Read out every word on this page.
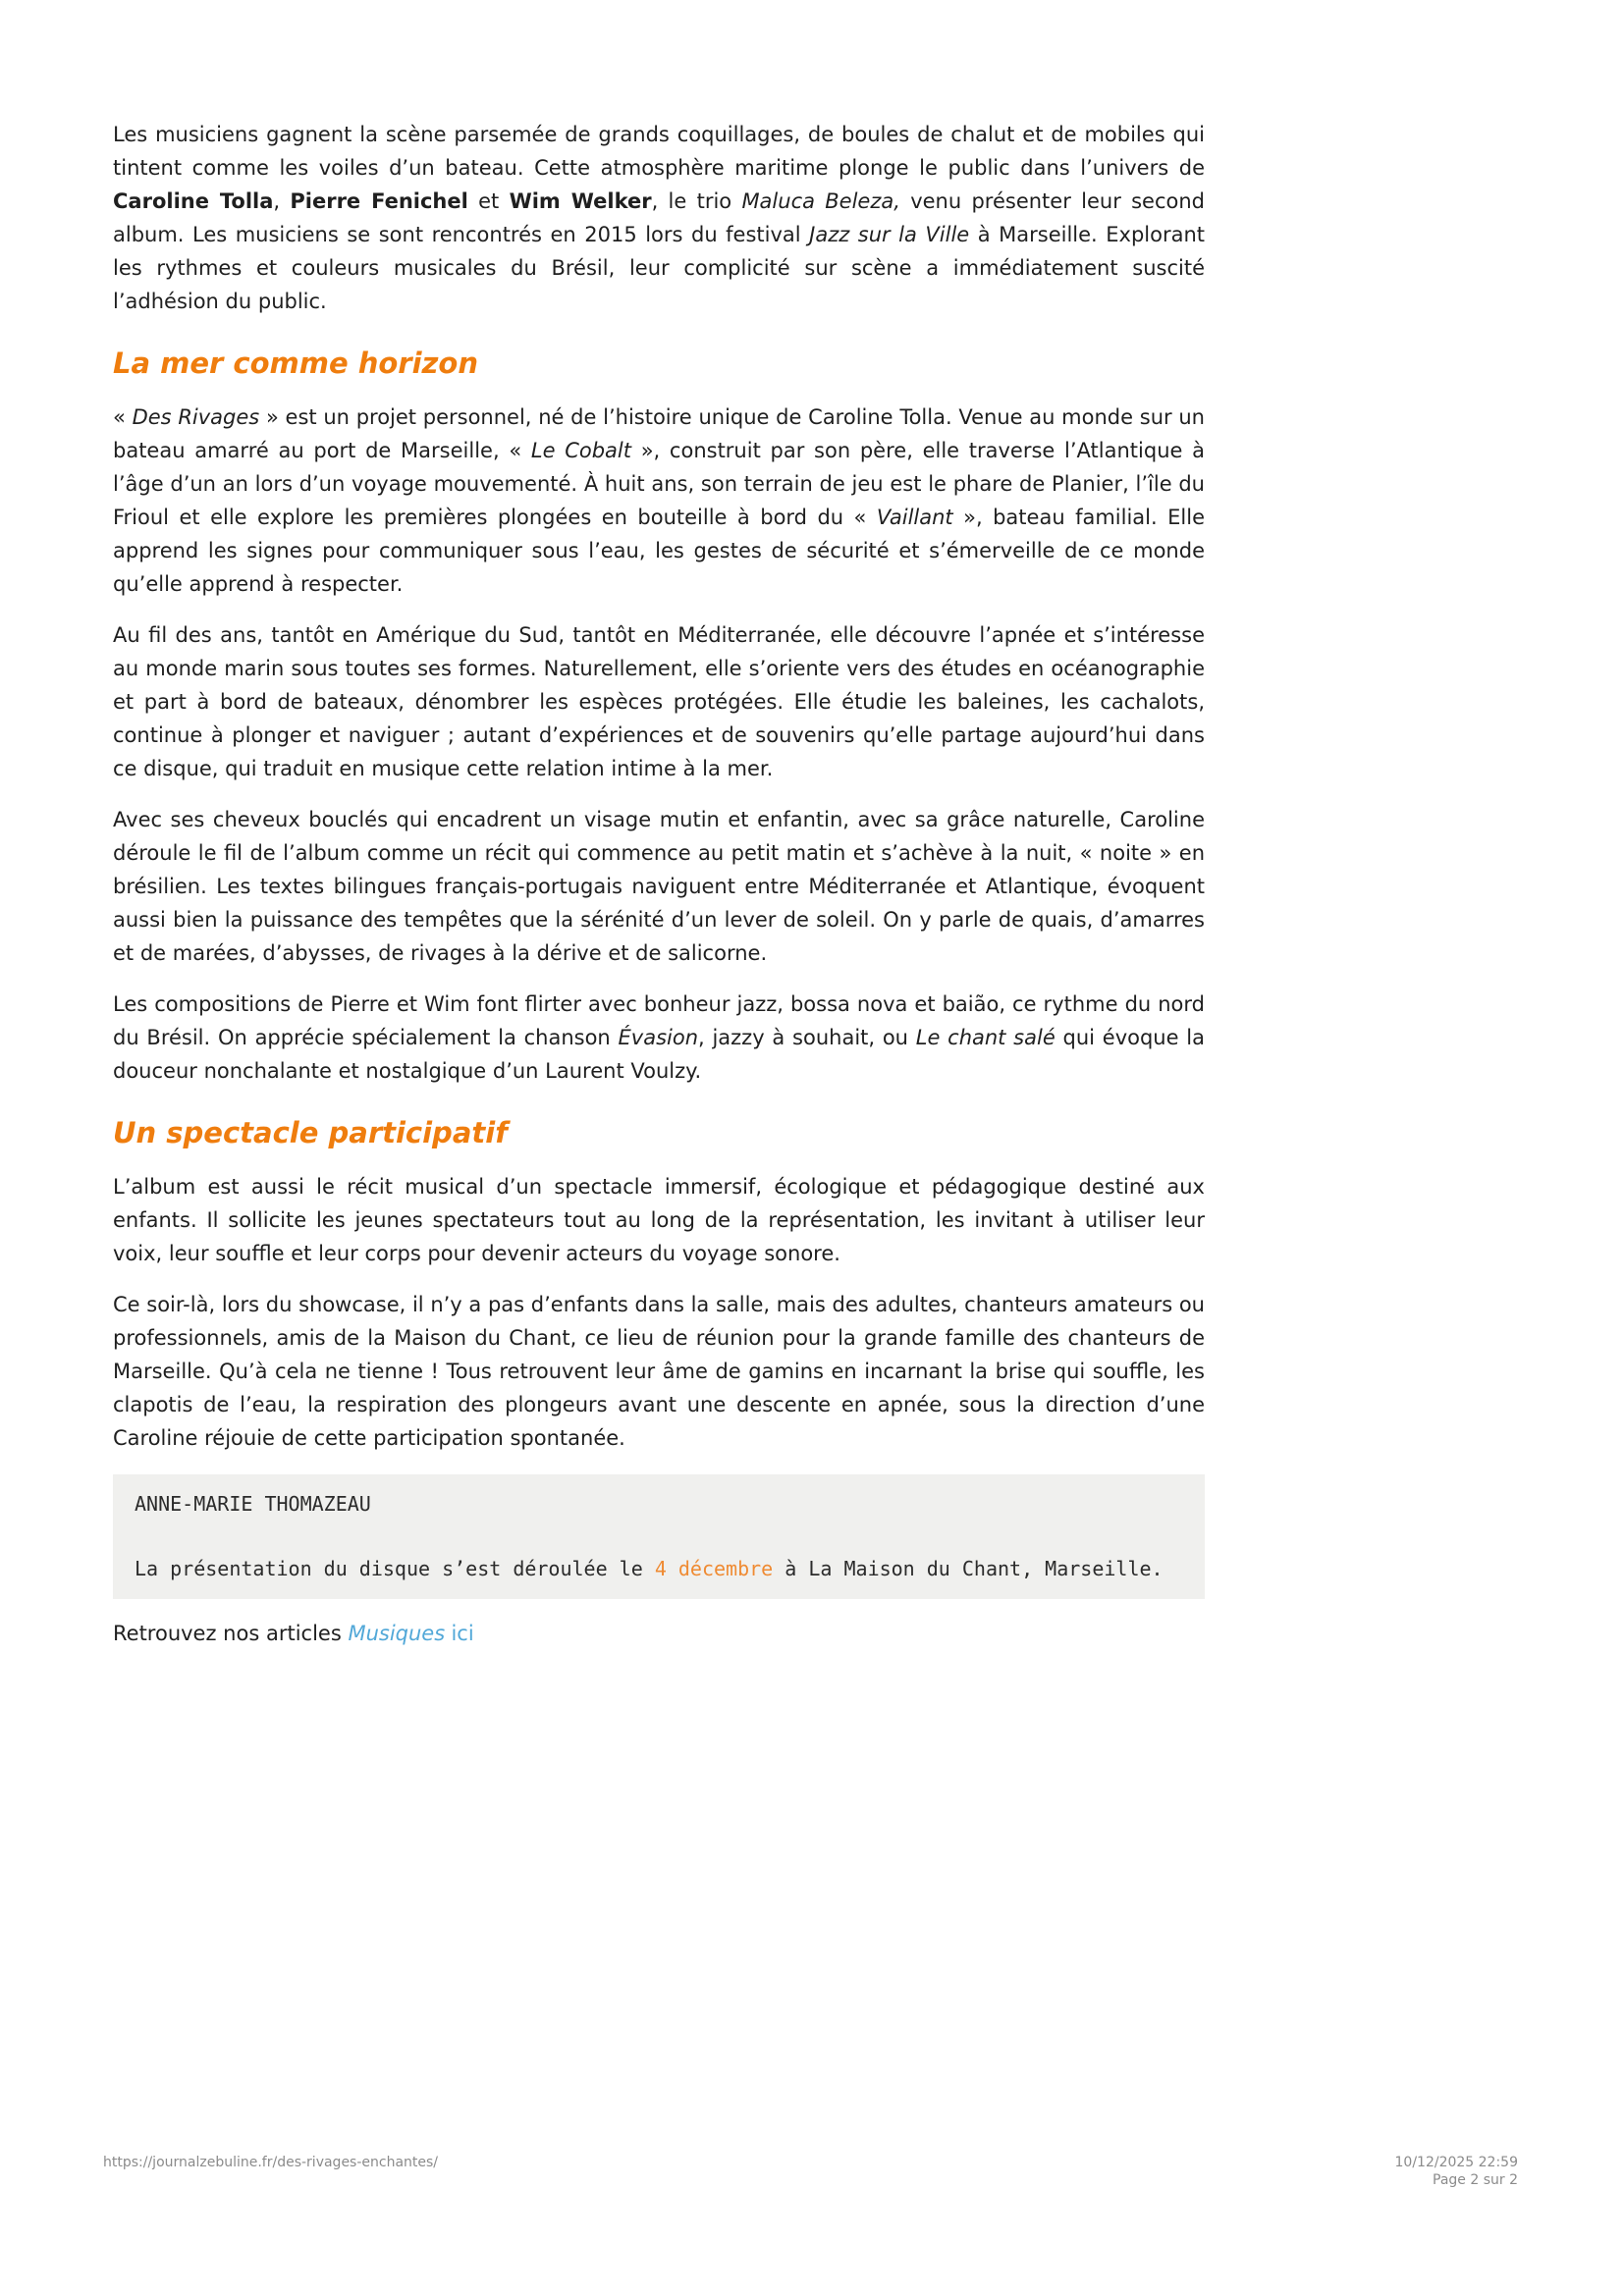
Les musiciens gagnent la scène parsemée de grands coquillages, de boules de chalut et de mobiles qui tintent comme les voiles d’un bateau. Cette atmosphère maritime plonge le public dans l’univers de Caroline Tolla, Pierre Fenichel et Wim Welker, le trio Maluca Beleza, venu présenter leur second album. Les musiciens se sont rencontrés en 2015 lors du festival Jazz sur la Ville à Marseille. Explorant les rythmes et couleurs musicales du Brésil, leur complicité sur scène a immédiatement suscité l’adhésion du public.

La mer comme horizon

« Des Rivages » est un projet personnel, né de l’histoire unique de Caroline Tolla. Venue au monde sur un bateau amarré au port de Marseille, « Le Cobalt », construit par son père, elle traverse l’Atlantique à l’âge d’un an lors d’un voyage mouvementé. À huit ans, son terrain de jeu est le phare de Planier, l’île du Frioul et elle explore les premières plongées en bouteille à bord du « Vaillant », bateau familial. Elle apprend les signes pour communiquer sous l’eau, les gestes de sécurité et s’émerveille de ce monde qu’elle apprend à respecter.

Au fil des ans, tantôt en Amérique du Sud, tantôt en Méditerranée, elle découvre l’apnée et s’intéresse au monde marin sous toutes ses formes. Naturellement, elle s’oriente vers des études en océanographie et part à bord de bateaux, dénombrer les espèces protégées. Elle étudie les baleines, les cachalots, continue à plonger et naviguer ; autant d’expériences et de souvenirs qu’elle partage aujourd’hui dans ce disque, qui traduit en musique cette relation intime à la mer.

Avec ses cheveux bouclés qui encadrent un visage mutin et enfantin, avec sa grâce naturelle, Caroline déroule le fil de l’album comme un récit qui commence au petit matin et s’achève à la nuit, « noite » en brésilien. Les textes bilingues français-portugais naviguent entre Méditerranée et Atlantique, évoquent aussi bien la puissance des tempêtes que la sérénité d’un lever de soleil. On y parle de quais, d’amarres et de marées, d’abysses, de rivages à la dérive et de salicorne.

Les compositions de Pierre et Wim font flirter avec bonheur jazz, bossa nova et baião, ce rythme du nord du Brésil. On apprécie spécialement la chanson Évasion, jazzy à souhait, ou Le chant salé qui évoque la douceur nonchalante et nostalgique d’un Laurent Voulzy.

Un spectacle participatif

L’album est aussi le récit musical d’un spectacle immersif, écologique et pédagogique destiné aux enfants. Il sollicite les jeunes spectateurs tout au long de la représentation, les invitant à utiliser leur voix, leur souffle et leur corps pour devenir acteurs du voyage sonore.

Ce soir-là, lors du showcase, il n’y a pas d’enfants dans la salle, mais des adultes, chanteurs amateurs ou professionnels, amis de la Maison du Chant, ce lieu de réunion pour la grande famille des chanteurs de Marseille. Qu’à cela ne tienne ! Tous retrouvent leur âme de gamins en incarnant la brise qui souffle, les clapotis de l’eau, la respiration des plongeurs avant une descente en apnée, sous la direction d’une Caroline réjouie de cette participation spontanée.

ANNE-MARIE THOMAZEAU
La présentation du disque s’est déroulée le 4 décembre à La Maison du Chant, Marseille.
Retrouvez nos articles Musiques ici
https://journalzebuline.fr/des-rivages-enchantes/	10/12/2025 22:59
Page 2 sur 2
